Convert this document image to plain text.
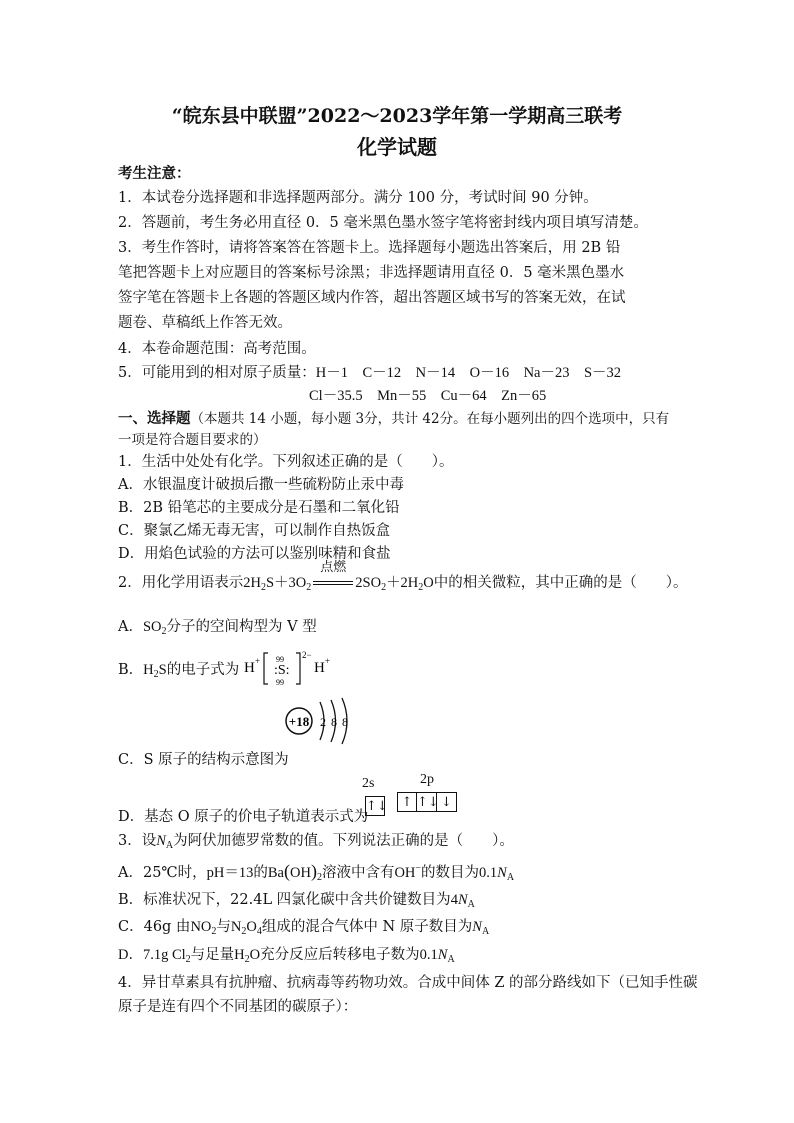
“皖东县中联盟”2022～2023学年第一学期高三联考
化学试题
考生注意：
1．本试卷分选择题和非选择题两部分。满分 100 分，考试时间 90 分钟。
2．答题前，考生务必用直径 0．5 毫米黑色墨水签字笔将密封线内项目填写清楚。
3．考生作答时，请将答案答在答题卡上。选择题每小题选出答案后，用 2B 铅
笔把答题卡上对应题目的答案标号涂黑；非选择题请用直径 0．5 毫米黑色墨水
签字笔在答题卡上各题的答题区域内作答，超出答题区域书写的答案无效，在试
题卷、草稿纸上作答无效。
4．本卷命题范围：高考范围。
5．可能用到的相对原子质量：H－1　C－12　N－14　O－16　Na－23　S－32
Cl－35.5　Mn－55　Cu－64　Zn－65
一、选择题（本题共 14 小题，每小题 3分，共计 42分。在每小题列出的四个选项中，只有
一项是符合题目要求的）
1．生活中处处有化学。下列叙述正确的是（　　）。
A．水银温度计破损后撒一些硫粉防止汞中毒
B．2B 铅笔芯的主要成分是石墨和二氧化铅
C．聚氯乙烯无毒无害，可以制作自热饭盒
D．用焰色试验的方法可以鉴别味精和食盐
2．用化学用语表示$2H_2S+3O_2$
点燃
$2SO_2+2H_2O$中的相关微粒，其中正确的是（　　）。
A．$SO_2$分子的空间构型为 V 型
B．$H_2S$的电子式为 H + 99
:S:
99
2−
H +
+18 2 8 8
C．S 原子的结构示意图为
2s	2p
↑↓	↑ ↑↓ ↓
D．基态 O 原子的价电子轨道表示式为
3．设$N_A$为阿伏加德罗常数的值。下列说法正确的是（　　）。
A．25℃时，pH＝13的$Ba(OH)_2$溶液中含有OH−的数目为$0.1N_A$
B．标准状况下，22.4L 四氯化碳中含共价键数目为$4N_A$
C．46g 由$NO_2$与$N_2O_4$组成的混合气体中 N 原子数目为$N_A$
D．7.1g $Cl_2$与足量$H_2O$充分反应后转移电子数为$0.1N_A$
4．异甘草素具有抗肿瘤、抗病毒等药物功效。合成中间体 Z 的部分路线如下（已知手性碳
原子是连有四个不同基团的碳原子）：
